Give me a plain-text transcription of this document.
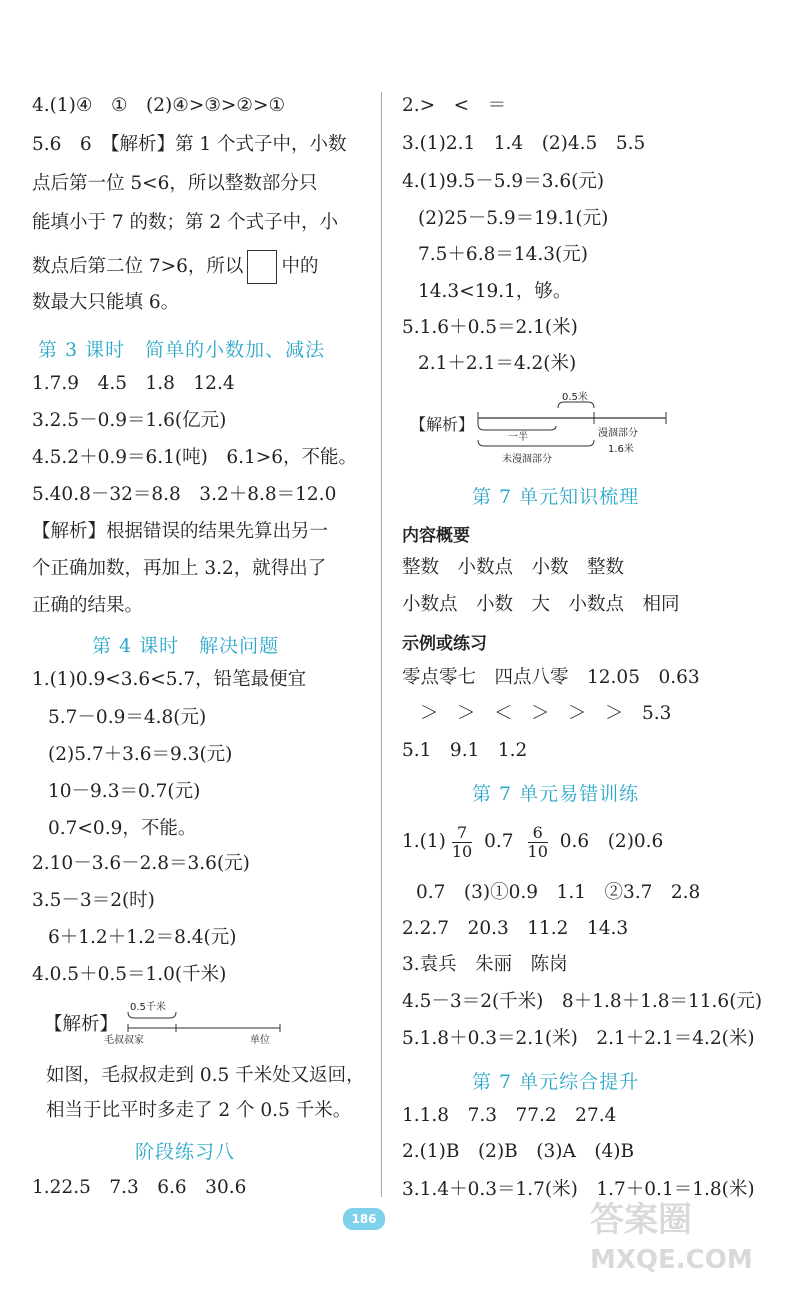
4.(1)④　①　(2)④>③>②>①
5.6　6　【解析】第 1 个式子中，小数
点后第一位 5<6，所以整数部分只
能填小于 7 的数；第 2 个式子中，小
数点后第二位 7>6，所以 中的
数最大只能填 6。
第 3 课时　简单的小数加、减法
1.7.9　4.5　1.8　12.4
3.2.5－0.9＝1.6(亿元)
4.5.2＋0.9＝6.1(吨)　6.1>6，不能。
5.40.8－32＝8.8　3.2＋8.8＝12.0
【解析】根据错误的结果先算出另一
个正确加数，再加上 3.2，就得出了
正确的结果。
第 4 课时　解决问题
1.(1)0.9<3.6<5.7，铅笔最便宜
5.7－0.9＝4.8(元)
(2)5.7＋3.6＝9.3(元)
10－9.3＝0.7(元)
0.7<0.9，不能。
2.10－3.6－2.8＝3.6(元)
3.5－3＝2(时)
6＋1.2＋1.2＝8.4(元)
4.0.5＋0.5＝1.0(千米)
【解析】
0.5千米
毛叔叔家	单位
如图，毛叔叔走到 0.5 千米处又返回，
相当于比平时多走了 2 个 0.5 千米。
阶段练习八
1.22.5　7.3　6.6　30.6
2.>　<　＝
3.(1)2.1　1.4　(2)4.5　5.5
4.(1)9.5－5.9＝3.6(元)
(2)25－5.9＝19.1(元)
7.5＋6.8＝14.3(元)
14.3<19.1，够。
5.1.6＋0.5＝2.1(米)
2.1＋2.1＝4.2(米)
【解析】
0.5米
一半	漫涸部分
未漫涸部分
1.6米
第 7 单元知识梳理
内容概要
整数　小数点　小数　整数
小数点　小数　大　小数点　相同
示例或练习
零点零七　四点八零　12.05　0.63
＞　＞　＜　＞　＞　＞　5.3
5.1　9.1　1.2
第 7 单元易错训练
$1.(1) \frac{7}{10} 0.7 \frac{6}{10} 0.6$　(2)0.6
0.7　(3)①0.9　1.1　②3.7　2.8
2.2.7　20.3　11.2　14.3
3.袁兵　朱丽　陈岗
4.5－3＝2(千米)　8＋1.8＋1.8＝11.6(元)
5.1.8＋0.3＝2.1(米)　2.1＋2.1＝4.2(米)
第 7 单元综合提升
1.1.8　7.3　77.2　27.4
2.(1)B　(2)B　(3)A　(4)B
3.1.4＋0.3＝1.7(米)　1.7＋0.1＝1.8(米)
186	答案圈
MXQE.COM
